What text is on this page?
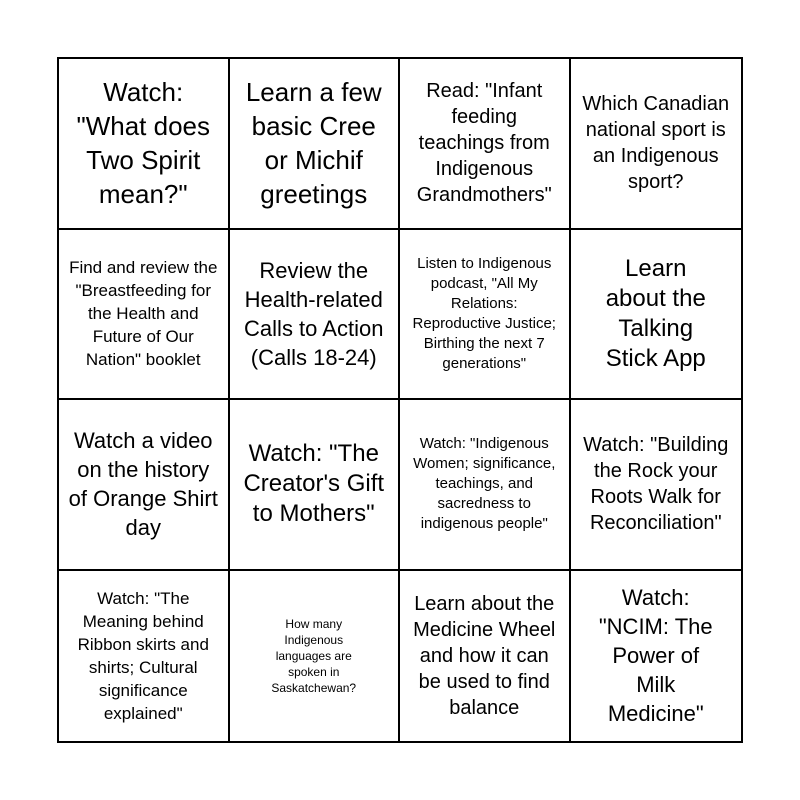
Watch: "What does Two Spirit mean?"
Learn a few basic Cree or Michif greetings
Read: "Infant feeding teachings from Indigenous Grandmothers"
Which Canadian national sport is an Indigenous sport?
Find and review the "Breastfeeding for the Health and Future of Our Nation" booklet
Review the Health-related Calls to Action (Calls 18-24)
Listen to Indigenous podcast, "All My Relations: Reproductive Justice; Birthing the next 7 generations"
Learn about the Talking Stick App
Watch a video on the history of Orange Shirt day
Watch: "The Creator's Gift to Mothers"
Watch: "Indigenous Women; significance, teachings, and sacredness to indigenous people"
Watch: "Building the Rock your Roots Walk for Reconciliation"
Watch: "The Meaning behind Ribbon skirts and shirts; Cultural significance explained"
How many Indigenous languages are spoken in Saskatchewan?
Learn about the Medicine Wheel and how it can be used to find balance
Watch: "NCIM: The Power of Milk Medicine"
